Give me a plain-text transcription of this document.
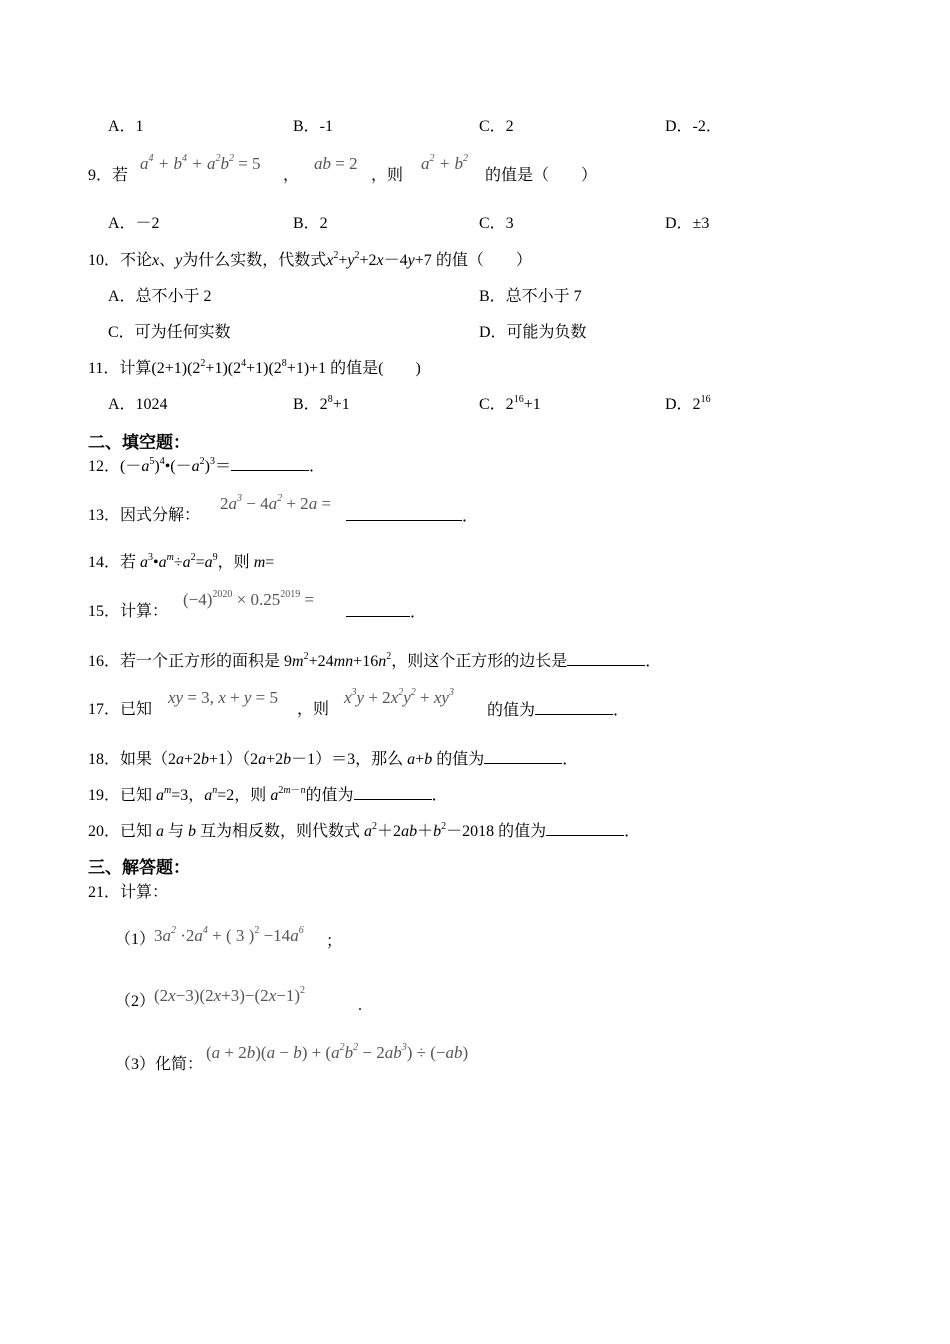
A．1	B．-1	C．2	D．-2．
9．若
$a^4 + b^4 + a^2b^2 = 5$
，
ab = 2
，则
$a^2 + b^2$
的值是（　　）
A．－2	B．2	C．3	D．±3
10．不论x、y为什么实数，代数式$x^2+y^2+2x-4y+7$ 的值（　　）
A．总不小于 2	B．总不小于 7
C．可为任何实数	D．可能为负数
11．计算$(2+1)(2^2+1)(2^4+1)(2^8+1)+1$ 的值是(　　)
A．1024	B．$2^8+1$	C．$2^{16}+1$	D．$2^{16}$
二、填空题：
12．$(-a^5)^4•(-a^2)^3=$	．
13．因式分解：
$2a^3 - 4a^2 + 2a$ =
．
14．若 $a^3•a^m\div a^2=a^9$，则 m=
15．计算：
$(-4)^{2020} \times 0.25^{2019}$ =
．
16．若一个正方形的面积是 $9m^2+24mn+16n^2$，则这个正方形的边长是	．
17．已知
xy = 3, x + y = 5
，则
$x^3y + 2x^2y^2 + xy^3$
的值为	．
18．如果（2a+2b+1）（2a+2b－1）＝3，那么 a+b 的值为	．
19．已知 $a^m=3$，$a^n=2$，则 $a^{2m-n}$的值为	．
20．已知 a 与 b 互为相反数，则代数式 $a^2+2ab+b^2-2018$ 的值为	．
三、解答题：
21．计算：
（1）
$3a^2 \cdot 2a^4$ + ( 3 )$^2 -14a^6$
；
（2）
$(2x-3)(2x+3)-(2x-1)^2$
.
（3）化简：
$(a + 2b)(a - b) + (a^2b^2 - 2ab^3) \div (-ab)$
